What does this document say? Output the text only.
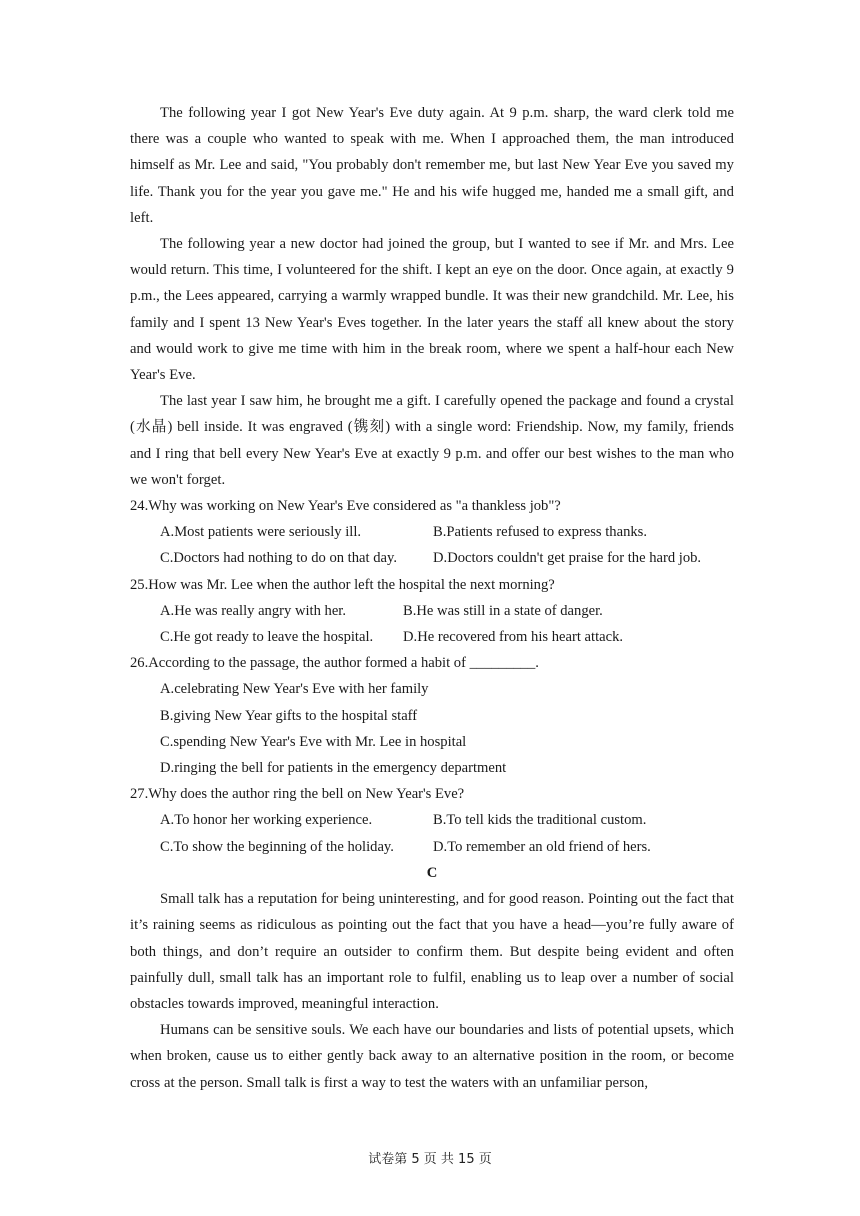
The following year I got New Year's Eve duty again. At 9 p.m. sharp, the ward clerk told me there was a couple who wanted to speak with me. When I approached them, the man introduced himself as Mr. Lee and said, "You probably don't remember me, but last New Year Eve you saved my life. Thank you for the year you gave me." He and his wife hugged me, handed me a small gift, and left.

The following year a new doctor had joined the group, but I wanted to see if Mr. and Mrs. Lee would return. This time, I volunteered for the shift. I kept an eye on the door. Once again, at exactly 9 p.m., the Lees appeared, carrying a warmly wrapped bundle. It was their new grandchild. Mr. Lee, his family and I spent 13 New Year's Eves together. In the later years the staff all knew about the story and would work to give me time with him in the break room, where we spent a half-hour each New Year's Eve.

The last year I saw him, he brought me a gift. I carefully opened the package and found a crystal (水晶) bell inside. It was engraved (镌刻) with a single word: Friendship. Now, my family, friends and I ring that bell every New Year's Eve at exactly 9 p.m. and offer our best wishes to the man who we won't forget.

24.Why was working on New Year's Eve considered as "a thankless job"?

A.Most patients were seriously ill.	B.Patients refused to express thanks.
C.Doctors had nothing to do on that day.	D.Doctors couldn't get praise for the hard job.

25.How was Mr. Lee when the author left the hospital the next morning?

A.He was really angry with her.	B.He was still in a state of danger.
C.He got ready to leave the hospital.	D.He recovered from his heart attack.

26.According to the passage, the author formed a habit of _________.

A.celebrating New Year's Eve with her family
B.giving New Year gifts to the hospital staff
C.spending New Year's Eve with Mr. Lee in hospital
D.ringing the bell for patients in the emergency department

27.Why does the author ring the bell on New Year's Eve?

A.To honor her working experience.	B.To tell kids the traditional custom.
C.To show the beginning of the holiday.	D.To remember an old friend of hers.

C

Small talk has a reputation for being uninteresting, and for good reason. Pointing out the fact that it’s raining seems as ridiculous as pointing out the fact that you have a head—you’re fully aware of both things, and don’t require an outsider to confirm them. But despite being evident and often painfully dull, small talk has an important role to fulfil, enabling us to leap over a number of social obstacles towards improved, meaningful interaction.

Humans can be sensitive souls. We each have our boundaries and lists of potential upsets, which when broken, cause us to either gently back away to an alternative position in the room, or become cross at the person. Small talk is first a way to test the waters with an unfamiliar person,

试卷第 5 页 共 15 页
